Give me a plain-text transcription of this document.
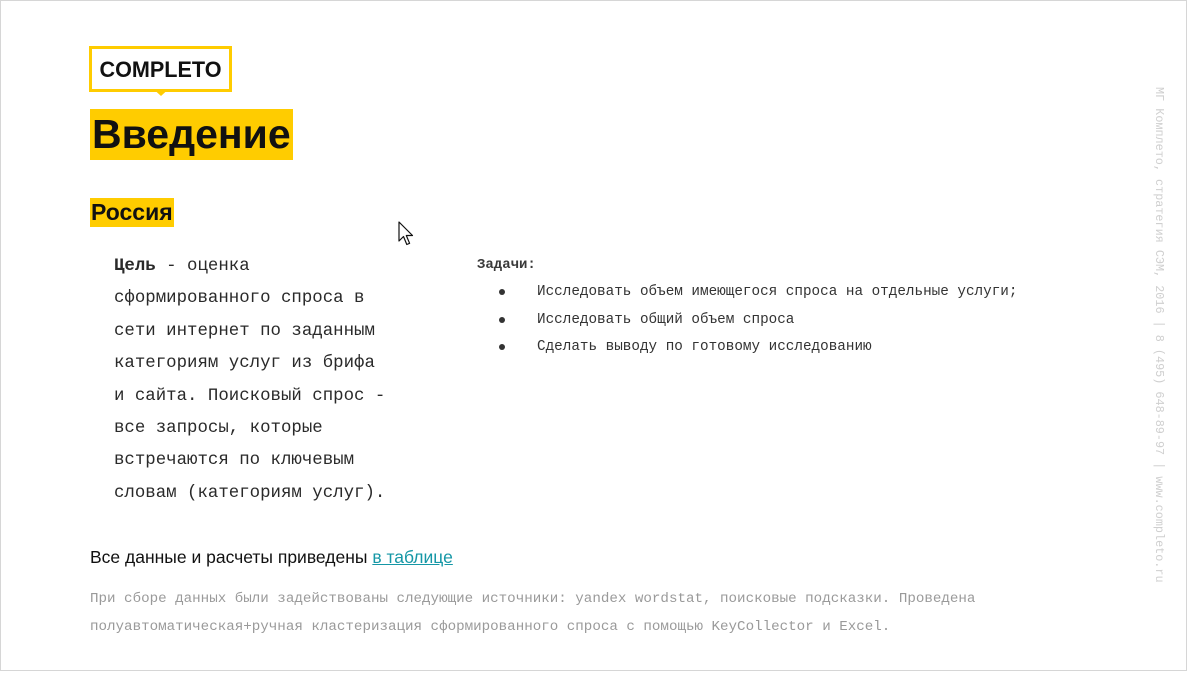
COMPLETO
Введение
Россия
Цель - оценка
сформированного спроса в
сети интернет по заданным
категориям услуг из брифа
и сайта. Поисковый спрос -
все запросы, которые
встречаются по ключевым
словам (категориям услуг).
Задачи:
Исследовать объем имеющегося спроса на отдельные услуги;
Исследовать общий объем спроса
Сделать выводу по готовому исследованию
Все данные и расчеты приведены в таблице
При сборе данных были задействованы следующие источники: yandex wordstat, поисковые подсказки. Проведена
полуавтоматическая+ручная кластеризация сформированного спроса с помощью KeyCollector и Excel.
МГ Комплето, стратегия СЭМ, 2016 | 8 (495) 648-89-97 | www.completo.ru
